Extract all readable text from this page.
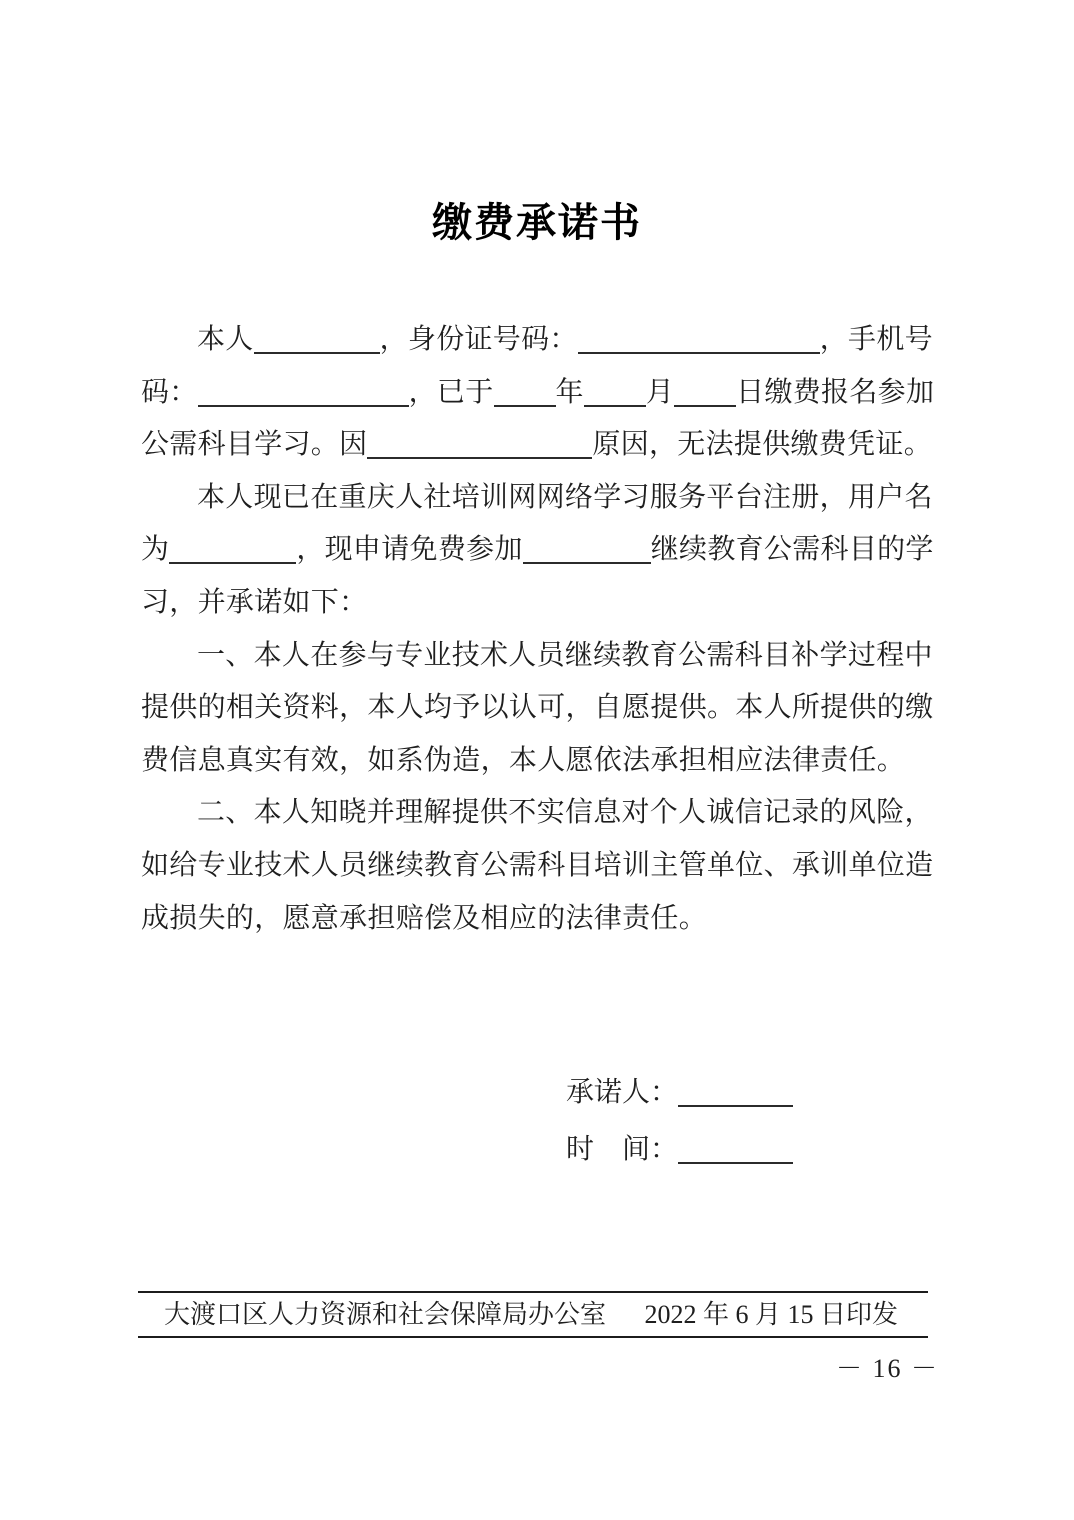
缴费承诺书
本人	，身份证号码：	，手机号
码：	，已于 年 月 日缴费报名参加
公需科目学习。因	原因，无法提供缴费凭证。
本人现已在重庆人社培训网网络学习服务平台注册，用户名
为	，现申请免费参加	继续教育公需科目的学
习，并承诺如下：
一、本人在参与专业技术人员继续教育公需科目补学过程中
提供的相关资料，本人均予以认可，自愿提供。本人所提供的缴
费信息真实有效，如系伪造，本人愿依法承担相应法律责任。
二、本人知晓并理解提供不实信息对个人诚信记录的风险，
如给专业技术人员继续教育公需科目培训主管单位、承训单位造
成损失的，愿意承担赔偿及相应的法律责任。
承诺人：
时　间：
大渡口区人力资源和社会保障局办公室 2022 年 6 月 15 日印发
－ 16 －
